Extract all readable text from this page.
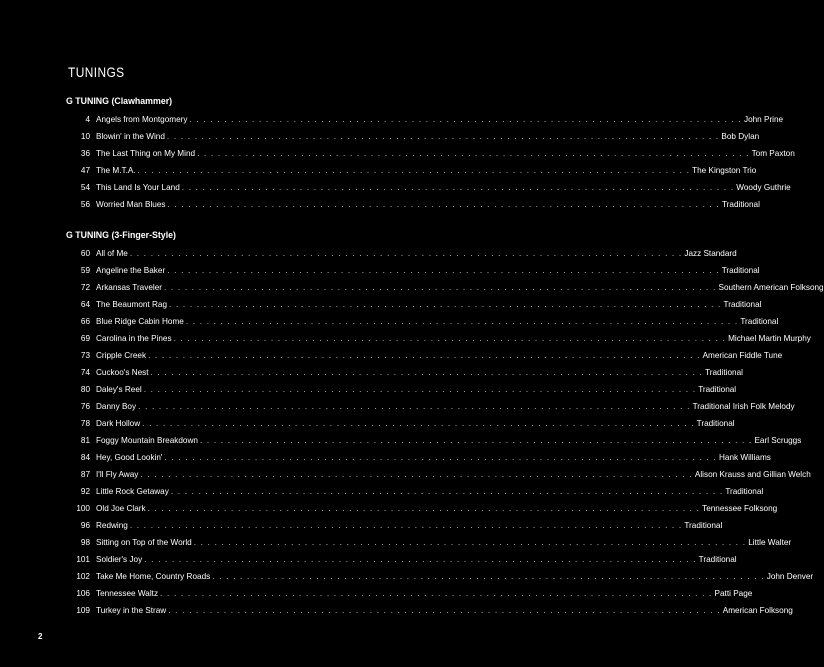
TUNINGS
G TUNING (Clawhammer)
4 Angels from Montgomery . . . . . . . . . . . . . . . . . . . . . . . . . . . . . . . . . . . . . . . . . . . . . . . . . . . . . . . . . . . . . . . . . . . . . . . . . . . . . . . . John Prine
10 Blowin' in the Wind . . . . . . . . . . . . . . . . . . . . . . . . . . . . . . . . . . . . . . . . . . . . . . . . . . . . . . . . . . . . . . . . . . . . . . . . . . . . . . . . Bob Dylan
36 The Last Thing on My Mind . . . . . . . . . . . . . . . . . . . . . . . . . . . . . . . . . . . . . . . . . . . . . . . . . . . . . . . . . . . . . . . . . . . . . . . . . . . . . . . . Tom Paxton
47 The M.T.A. . . . . . . . . . . . . . . . . . . . . . . . . . . . . . . . . . . . . . . . . . . . . . . . . . . . . . . . . . . . . . . . . . . . . . . . . . . . . . . . . The Kingston Trio
54 This Land Is Your Land . . . . . . . . . . . . . . . . . . . . . . . . . . . . . . . . . . . . . . . . . . . . . . . . . . . . . . . . . . . . . . . . . . . . . . . . . . . . . . . . Woody Guthrie
56 Worried Man Blues . . . . . . . . . . . . . . . . . . . . . . . . . . . . . . . . . . . . . . . . . . . . . . . . . . . . . . . . . . . . . . . . . . . . . . . . . . . . . . . . Traditional
G TUNING (3-Finger-Style)
60 All of Me . . . . . . . . . . . . . . . . . . . . . . . . . . . . . . . . . . . . . . . . . . . . . . . . . . . . . . . . . . . . . . . . . . . . . . . . . . . . . . . . Jazz Standard
59 Angeline the Baker . . . . . . . . . . . . . . . . . . . . . . . . . . . . . . . . . . . . . . . . . . . . . . . . . . . . . . . . . . . . . . . . . . . . . . . . . . . . . . . . Traditional
72 Arkansas Traveler . . . . . . . . . . . . . . . . . . . . . . . . . . . . . . . . . . . . . . . . . . . . . . . . . . . . . . . . . . . . . . . . . . . . . . . . . . . . . . . . Southern American Folksong
64 The Beaumont Rag . . . . . . . . . . . . . . . . . . . . . . . . . . . . . . . . . . . . . . . . . . . . . . . . . . . . . . . . . . . . . . . . . . . . . . . . . . . . . . . . Traditional
66 Blue Ridge Cabin Home . . . . . . . . . . . . . . . . . . . . . . . . . . . . . . . . . . . . . . . . . . . . . . . . . . . . . . . . . . . . . . . . . . . . . . . . . . . . . . . . Traditional
69 Carolina in the Pines . . . . . . . . . . . . . . . . . . . . . . . . . . . . . . . . . . . . . . . . . . . . . . . . . . . . . . . . . . . . . . . . . . . . . . . . . . . . . . . . Michael Martin Murphy
73 Cripple Creek . . . . . . . . . . . . . . . . . . . . . . . . . . . . . . . . . . . . . . . . . . . . . . . . . . . . . . . . . . . . . . . . . . . . . . . . . . . . . . . . American Fiddle Tune
74 Cuckoo's Nest . . . . . . . . . . . . . . . . . . . . . . . . . . . . . . . . . . . . . . . . . . . . . . . . . . . . . . . . . . . . . . . . . . . . . . . . . . . . . . . . Traditional
80 Daley's Reel . . . . . . . . . . . . . . . . . . . . . . . . . . . . . . . . . . . . . . . . . . . . . . . . . . . . . . . . . . . . . . . . . . . . . . . . . . . . . . . . Traditional
76 Danny Boy . . . . . . . . . . . . . . . . . . . . . . . . . . . . . . . . . . . . . . . . . . . . . . . . . . . . . . . . . . . . . . . . . . . . . . . . . . . . . . . . Traditional Irish Folk Melody
78 Dark Hollow . . . . . . . . . . . . . . . . . . . . . . . . . . . . . . . . . . . . . . . . . . . . . . . . . . . . . . . . . . . . . . . . . . . . . . . . . . . . . . . . Traditional
81 Foggy Mountain Breakdown . . . . . . . . . . . . . . . . . . . . . . . . . . . . . . . . . . . . . . . . . . . . . . . . . . . . . . . . . . . . . . . . . . . . . . . . . . . . . . . . Earl Scruggs
84 Hey, Good Lookin' . . . . . . . . . . . . . . . . . . . . . . . . . . . . . . . . . . . . . . . . . . . . . . . . . . . . . . . . . . . . . . . . . . . . . . . . . . . . . . . . Hank Williams
87 I'll Fly Away . . . . . . . . . . . . . . . . . . . . . . . . . . . . . . . . . . . . . . . . . . . . . . . . . . . . . . . . . . . . . . . . . . . . . . . . . . . . . . . . Alison Krauss and Gillian Welch
92 Little Rock Getaway . . . . . . . . . . . . . . . . . . . . . . . . . . . . . . . . . . . . . . . . . . . . . . . . . . . . . . . . . . . . . . . . . . . . . . . . . . . . . . . . Traditional
100 Old Joe Clark . . . . . . . . . . . . . . . . . . . . . . . . . . . . . . . . . . . . . . . . . . . . . . . . . . . . . . . . . . . . . . . . . . . . . . . . . . . . . . . . Tennessee Folksong
96 Redwing . . . . . . . . . . . . . . . . . . . . . . . . . . . . . . . . . . . . . . . . . . . . . . . . . . . . . . . . . . . . . . . . . . . . . . . . . . . . . . . . Traditional
98 Sitting on Top of the World . . . . . . . . . . . . . . . . . . . . . . . . . . . . . . . . . . . . . . . . . . . . . . . . . . . . . . . . . . . . . . . . . . . . . . . . . . . . . . . . Little Walter
101 Soldier's Joy . . . . . . . . . . . . . . . . . . . . . . . . . . . . . . . . . . . . . . . . . . . . . . . . . . . . . . . . . . . . . . . . . . . . . . . . . . . . . . . . Traditional
102 Take Me Home, Country Roads . . . . . . . . . . . . . . . . . . . . . . . . . . . . . . . . . . . . . . . . . . . . . . . . . . . . . . . . . . . . . . . . . . . . . . . . . . . . . . . . John Denver
106 Tennessee Waltz . . . . . . . . . . . . . . . . . . . . . . . . . . . . . . . . . . . . . . . . . . . . . . . . . . . . . . . . . . . . . . . . . . . . . . . . . . . . . . . . Patti Page
109 Turkey in the Straw . . . . . . . . . . . . . . . . . . . . . . . . . . . . . . . . . . . . . . . . . . . . . . . . . . . . . . . . . . . . . . . . . . . . . . . . . . . . . . . . American Folksong
2
